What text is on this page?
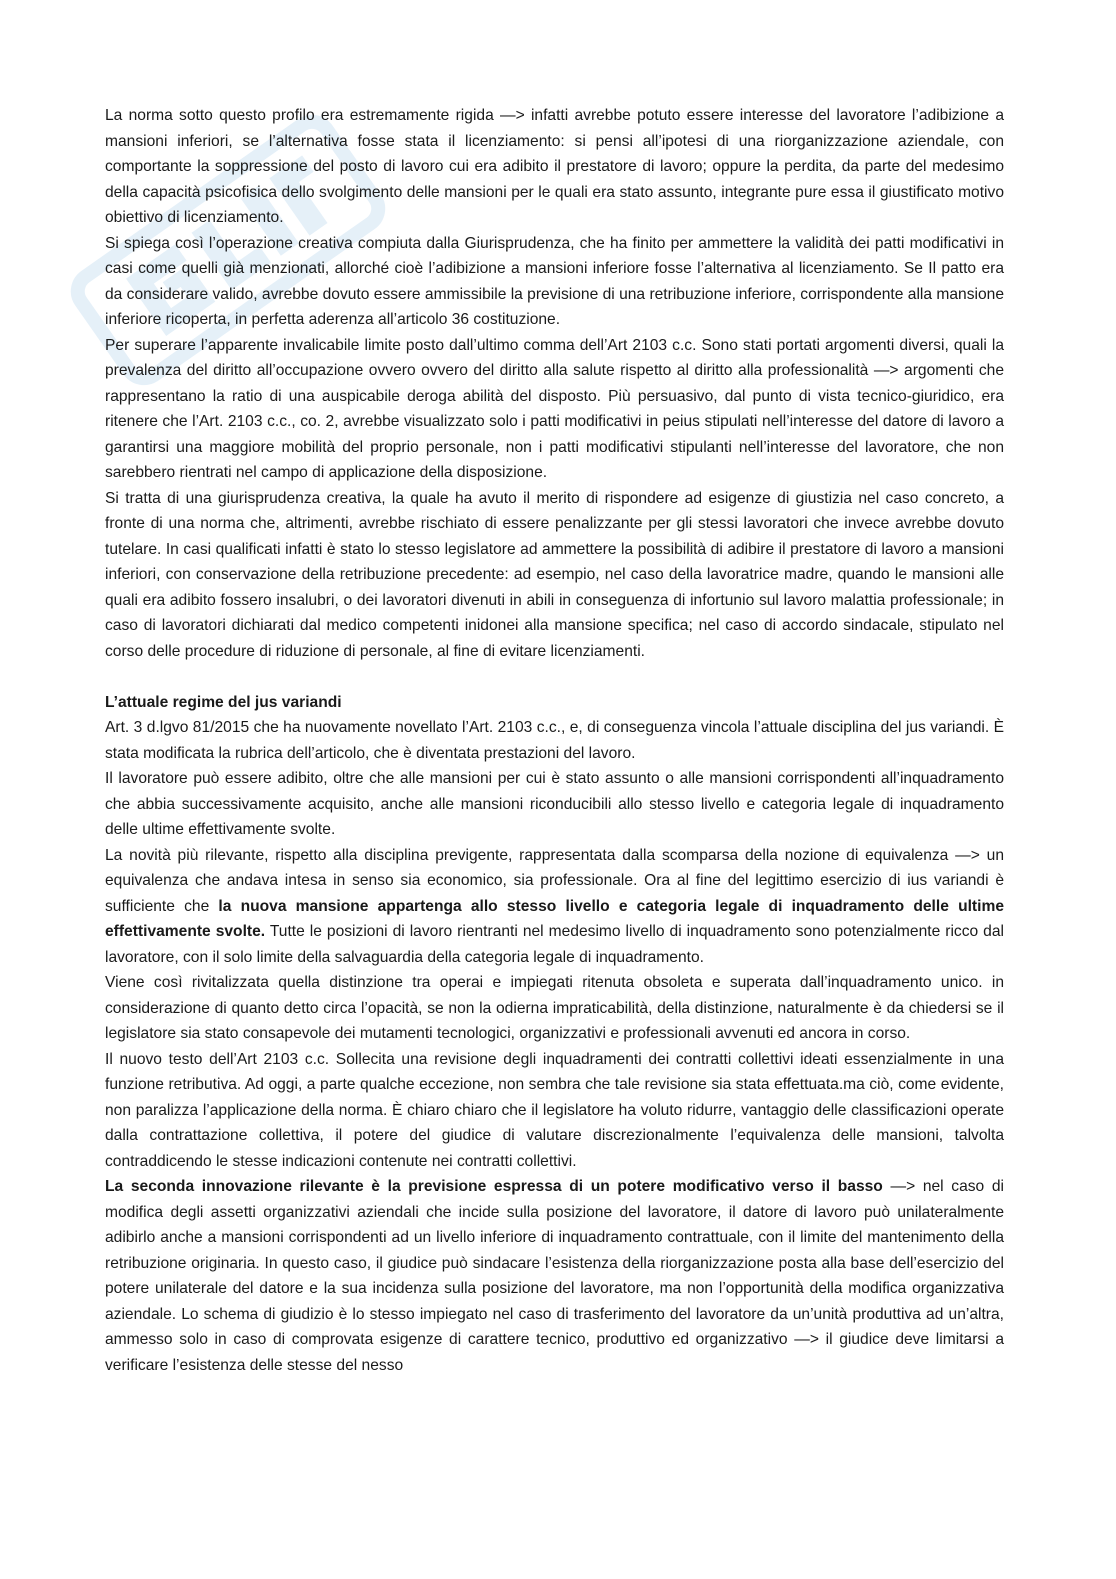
La norma sotto questo profilo era estremamente rigida —> infatti avrebbe potuto essere interesse del lavoratore l’adibizione a mansioni inferiori, se l’alternativa fosse stata il licenziamento: si pensi all’ipotesi di una riorganizzazione aziendale, con comportante la soppressione del posto di lavoro cui era adibito il prestatore di lavoro; oppure la perdita, da parte del medesimo della capacità psicofisica dello svolgimento delle mansioni per le quali era stato assunto, integrante pure essa il giustificato motivo obiettivo di licenziamento.

Si spiega così l’operazione creativa compiuta dalla Giurisprudenza, che ha finito per ammettere la validità dei patti modificativi in casi come quelli già menzionati, allorché cioè l’adibizione a mansioni inferiore fosse l’alternativa al licenziamento. Se Il patto era da considerare valido, avrebbe dovuto essere ammissibile la previsione di una retribuzione inferiore, corrispondente alla mansione inferiore ricoperta, in perfetta aderenza all’articolo 36 costituzione.

Per superare l’apparente invalicabile limite posto dall’ultimo comma dell’Art 2103 c.c. Sono stati portati argomenti diversi, quali la prevalenza del diritto all’occupazione ovvero ovvero del diritto alla salute rispetto al diritto alla professionalità —> argomenti che rappresentano la ratio di una auspicabile deroga abilità del disposto. Più persuasivo, dal punto di vista tecnico-giuridico, era ritenere che l’Art. 2103 c.c., co. 2, avrebbe visualizzato solo i patti modificativi in peius stipulati nell’interesse del datore di lavoro a garantirsi una maggiore mobilità del proprio personale, non i patti modificativi stipulanti nell’interesse del lavoratore, che non sarebbero rientrati nel campo di applicazione della disposizione.

Si tratta di una giurisprudenza creativa, la quale ha avuto il merito di rispondere ad esigenze di giustizia nel caso concreto, a fronte di una norma che, altrimenti, avrebbe rischiato di essere penalizzante per gli stessi lavoratori che invece avrebbe dovuto tutelare. In casi qualificati infatti è stato lo stesso legislatore ad ammettere la possibilità di adibire il prestatore di lavoro a mansioni inferiori, con conservazione della retribuzione precedente: ad esempio, nel caso della lavoratrice madre, quando le mansioni alle quali era adibito fossero insalubri, o dei lavoratori divenuti in abili in conseguenza di infortunio sul lavoro malattia professionale; in caso di lavoratori dichiarati dal medico competenti inidonei alla mansione specifica; nel caso di accordo sindacale, stipulato nel corso delle procedure di riduzione di personale, al fine di evitare licenziamenti.

L’attuale regime del jus variandi

Art. 3 d.lgvo 81/2015 che ha nuovamente novellato l’Art. 2103 c.c., e, di conseguenza vincola l’attuale disciplina del jus variandi. È stata modificata la rubrica dell’articolo, che è diventata prestazioni del lavoro.

Il lavoratore può essere adibito, oltre che alle mansioni per cui è stato assunto o alle mansioni corrispondenti all’inquadramento che abbia successivamente acquisito, anche alle mansioni riconducibili allo stesso livello e categoria legale di inquadramento delle ultime effettivamente svolte.

La novità più rilevante, rispetto alla disciplina previgente, rappresentata dalla scomparsa della nozione di equivalenza —> un equivalenza che andava intesa in senso sia economico, sia professionale. Ora al fine del legittimo esercizio di ius variandi è sufficiente che la nuova mansione appartenga allo stesso livello e categoria legale di inquadramento delle ultime effettivamente svolte. Tutte le posizioni di lavoro rientranti nel medesimo livello di inquadramento sono potenzialmente ricco dal lavoratore, con il solo limite della salvaguardia della categoria legale di inquadramento.

Viene così rivitalizzata quella distinzione tra operai e impiegati ritenuta obsoleta e superata dall’inquadramento unico. in considerazione di quanto detto circa l’opacità, se non la odierna impraticabilità, della distinzione, naturalmente è da chiedersi se il legislatore sia stato consapevole dei mutamenti tecnologici, organizzativi e professionali avvenuti ed ancora in corso.

Il nuovo testo dell’Art 2103 c.c. Sollecita una revisione degli inquadramenti dei contratti collettivi ideati essenzialmente in una funzione retributiva. Ad oggi, a parte qualche eccezione, non sembra che tale revisione sia stata effettuata.ma ciò, come evidente, non paralizza l’applicazione della norma. È chiaro chiaro che il legislatore ha voluto ridurre, vantaggio delle classificazioni operate dalla contrattazione collettiva, il potere del giudice di valutare discrezionalmente l’equivalenza delle mansioni, talvolta contraddicendo le stesse indicazioni contenute nei contratti collettivi.

La seconda innovazione rilevante è la previsione espressa di un potere modificativo verso il basso —> nel caso di modifica degli assetti organizzativi aziendali che incide sulla posizione del lavoratore, il datore di lavoro può unilateralmente adibirlo anche a mansioni corrispondenti ad un livello inferiore di inquadramento contrattuale, con il limite del mantenimento della retribuzione originaria. In questo caso, il giudice può sindacare l’esistenza della riorganizzazione posta alla base dell’esercizio del potere unilaterale del datore e la sua incidenza sulla posizione del lavoratore, ma non l’opportunità della modifica organizzativa aziendale. Lo schema di giudizio è lo stesso impiegato nel caso di trasferimento del lavoratore da un’unità produttiva ad un’altra, ammesso solo in caso di comprovata esigenze di carattere tecnico, produttivo ed organizzativo —> il giudice deve limitarsi a verificare l’esistenza delle stesse del nesso
